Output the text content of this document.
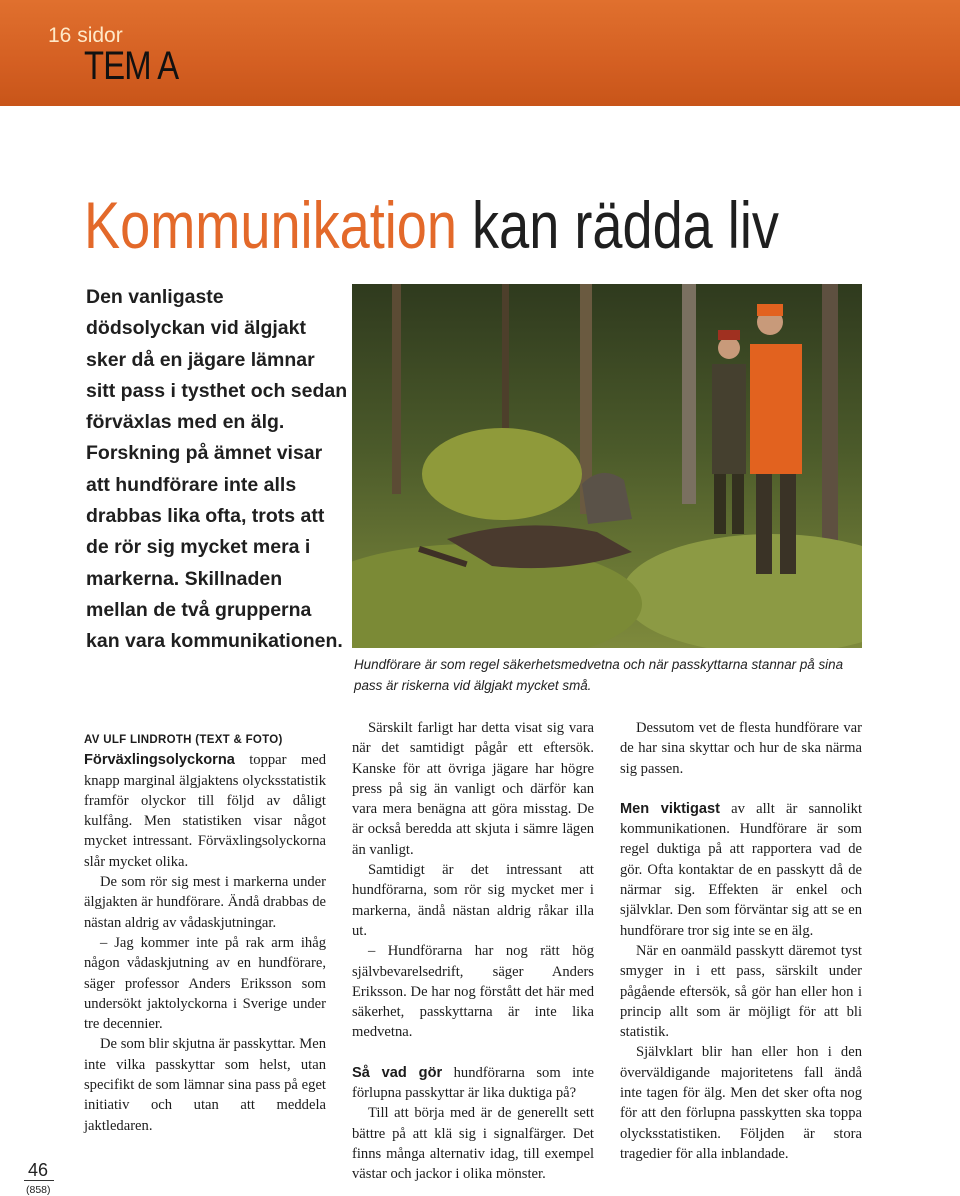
16 sidor
TEM A
Kommunikation kan rädda liv
Den vanligaste dödsolyckan vid älgjakt sker då en jägare lämnar sitt pass i tysthet och sedan förväxlas med en älg. Forskning på ämnet visar att hundförare inte alls drabbas lika ofta, trots att de rör sig mycket mera i markerna. Skillnaden mellan de två grupperna kan vara kommunikationen.
Hundförare är som regel säkerhetsmedvetna och när passkyttarna stannar på sina pass är riskerna vid älgjakt mycket små.

AV ULF LINDROTH (TEXT & FOTO)

Förväxlingsolyckorna toppar med knapp marginal älgjaktens olycksstatistik framför olyckor till följd av dåligt kulfång. Men statistiken visar något mycket intressant. Förväxlingsolyckorna slår mycket olika.

De som rör sig mest i markerna under älgjakten är hundförare. Ändå drabbas de nästan aldrig av vådaskjutningar.

– Jag kommer inte på rak arm ihåg någon vådaskjutning av en hundförare, säger professor Anders Eriksson som undersökt jaktolyckorna i Sverige under tre decennier.

De som blir skjutna är passkyttar. Men inte vilka passkyttar som helst, utan specifikt de som lämnar sina pass på eget initiativ och utan att meddela jaktledaren.

Särskilt farligt har detta visat sig vara när det samtidigt pågår ett eftersök. Kanske för att övriga jägare har högre press på sig än vanligt och därför kan vara mera benägna att göra misstag. De är också beredda att skjuta i sämre lägen än vanligt.

Samtidigt är det intressant att hundförarna, som rör sig mycket mer i markerna, ändå nästan aldrig råkar illa ut.

– Hundförarna har nog rätt hög självbevarelsedrift, säger Anders Eriksson. De har nog förstått det här med säkerhet, passkyttarna är inte lika medvetna.

Så vad gör hundförarna som inte förlupna passkyttar är lika duktiga på?

Till att börja med är de generellt sett bättre på att klä sig i signalfärger. Det finns många alternativ idag, till exempel västar och jackor i olika mönster.

Dessutom vet de flesta hundförare var de har sina skyttar och hur de ska närma sig passen.

Men viktigast av allt är sannolikt kommunikationen. Hundförare är som regel duktiga på att rapportera vad de gör. Ofta kontaktar de en passkytt då de närmar sig. Effekten är enkel och självklar. Den som förväntar sig att se en hundförare tror sig inte se en älg.

När en oanmäld passkytt däremot tyst smyger in i ett pass, särskilt under pågående eftersök, så gör han eller hon i princip allt som är möjligt för att bli statistik.

Självklart blir han eller hon i den överväldigande majoritetens fall ändå inte tagen för älg. Men det sker ofta nog för att den förlupna passkytten ska toppa olycksstatistiken. Följden är stora tragedier för alla inblandade.

46
(858)
